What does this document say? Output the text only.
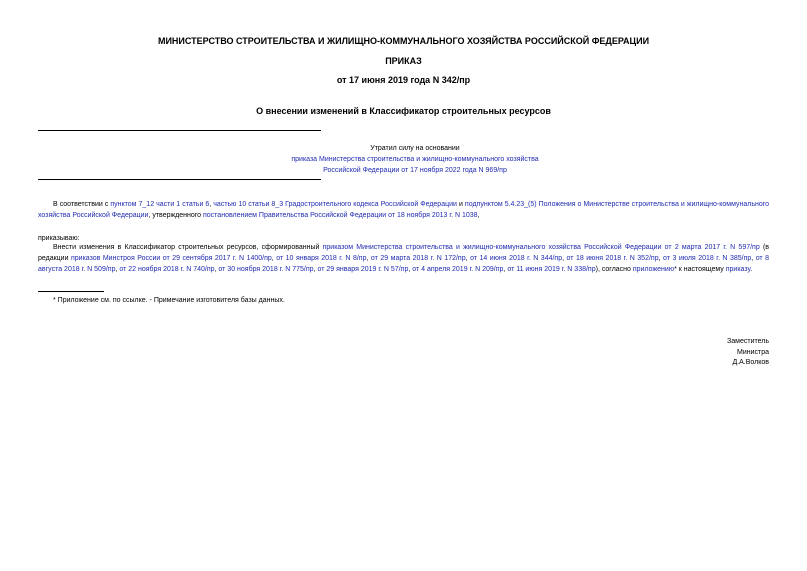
МИНИСТЕРСТВО СТРОИТЕЛЬСТВА И ЖИЛИЩНО-КОММУНАЛЬНОГО ХОЗЯЙСТВА РОССИЙСКОЙ ФЕДЕРАЦИИ
ПРИКАЗ
от 17 июня 2019 года N 342/пр
О внесении изменений в Классификатор строительных ресурсов
Утратил силу на основании
приказа Министерства строительства и жилищно-коммунального хозяйства
Российской Федерации от 17 ноября 2022 года N 969/пр
В соответствии с пунктом 7_12 части 1 статьи 6, частью 10 статьи 8_3 Градостроительного кодекса Российской Федерации и подпунктом 5.4.23_(5) Положения о Министерстве строительства и жилищно-коммунального хозяйства Российской Федерации, утвержденного постановлением Правительства Российской Федерации от 18 ноября 2013 г. N 1038,
приказываю:
Внести изменения в Классификатор строительных ресурсов, сформированный приказом Министерства строительства и жилищно-коммунального хозяйства Российской Федерации от 2 марта 2017 г. N 597/пр (в редакции приказов Минстроя России от 29 сентября 2017 г. N 1400/пр, от 10 января 2018 г. N 8/пр, от 29 марта 2018 г. N 172/пр, от 14 июня 2018 г. N 344/пр, от 18 июня 2018 г. N 352/пр, от 3 июля 2018 г. N 385/пр, от 8 августа 2018 г. N 509/пр, от 22 ноября 2018 г. N 740/пр, от 30 ноября 2018 г. N 775/пр, от 29 января 2019 г. N 57/пр, от 4 апреля 2019 г. N 209/пр, от 11 июня 2019 г. N 338/пр), согласно приложению* к настоящему приказу.
* Приложение см. по ссылке. - Примечание изготовителя базы данных.
Заместитель
Министра
Д.А.Волков
